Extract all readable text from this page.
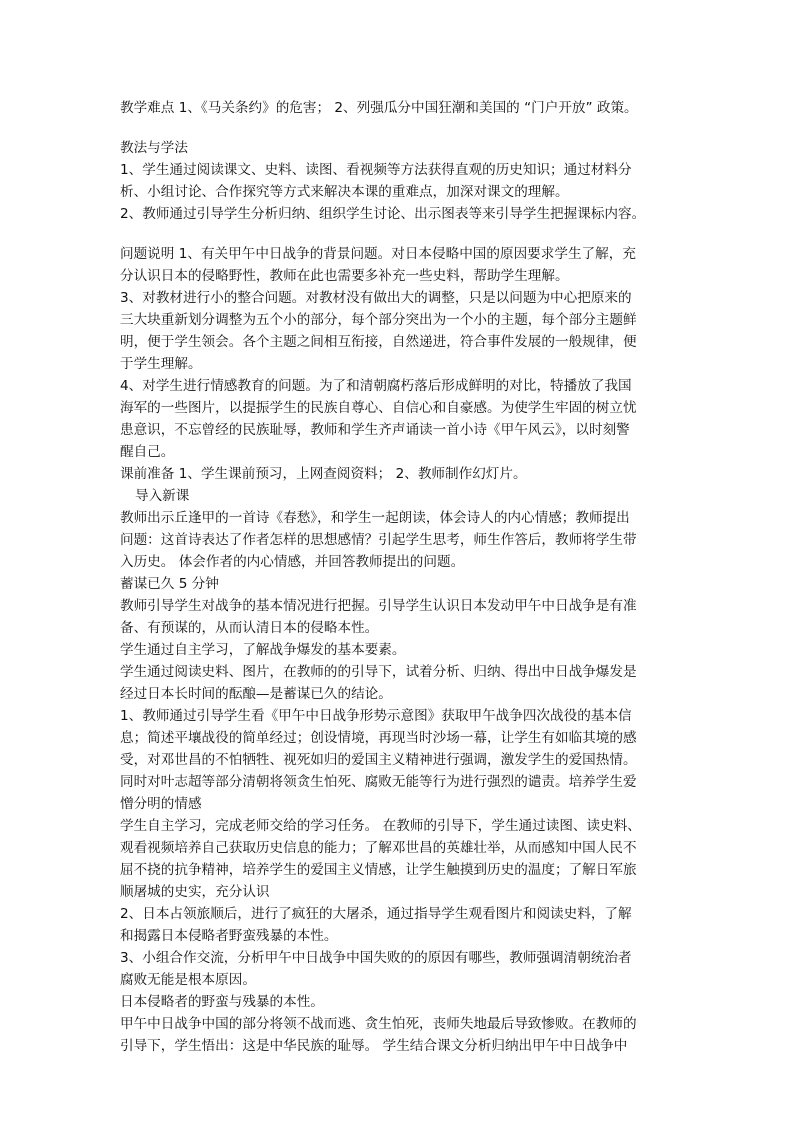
教学难点 1、《马关条约》的危害； 2、列强瓜分中国狂潮和美国的 “门户开放” 政策。
教法与学法
1、学生通过阅读课文、史料、读图、看视频等方法获得直观的历史知识；通过材料分
析、小组讨论、合作探究等方式来解决本课的重难点，加深对课文的理解。
2、教师通过引导学生分析归纳、组织学生讨论、出示图表等来引导学生把握课标内容。
问题说明 1、有关甲午中日战争的背景问题。对日本侵略中国的原因要求学生了解，充
分认识日本的侵略野性，教师在此也需要多补充一些史料，帮助学生理解。
3、对教材进行小的整合问题。对教材没有做出大的调整，只是以问题为中心把原来的
三大块重新划分调整为五个小的部分，每个部分突出为一个小的主题，每个部分主题鲜
明，便于学生领会。各个主题之间相互衔接，自然递进，符合事件发展的一般规律，便
于学生理解。
4、对学生进行情感教育的问题。为了和清朝腐朽落后形成鲜明的对比，特播放了我国
海军的一些图片，以提振学生的民族自尊心、自信心和自豪感。为使学生牢固的树立忧
患意识，不忘曾经的民族耻辱，教师和学生齐声诵读一首小诗《甲午风云》，以时刻警
醒自己。
课前准备 1、学生课前预习，上网查阅资料； 2、教师制作幻灯片。
导入新课
教师出示丘逢甲的一首诗《春愁》，和学生一起朗读，体会诗人的内心情感；教师提出
问题：这首诗表达了作者怎样的思想感情？引起学生思考，师生作答后，教师将学生带
入历史。 体会作者的内心情感，并回答教师提出的问题。
蓄谋已久 5 分钟
教师引导学生对战争的基本情况进行把握。引导学生认识日本发动甲午中日战争是有准
备、有预谋的，从而认清日本的侵略本性。
学生通过自主学习，了解战争爆发的基本要素。
学生通过阅读史料、图片，在教师的的引导下，试着分析、归纳、得出中日战争爆发是
经过日本长时间的酝酿—是蓄谋已久的结论。
1、教师通过引导学生看《甲午中日战争形势示意图》获取甲午战争四次战役的基本信
息；简述平壤战役的简单经过；创设情境，再现当时沙场一幕，让学生有如临其境的感
受，对邓世昌的不怕牺牲、视死如归的爱国主义精神进行强调，激发学生的爱国热情。
同时对叶志超等部分清朝将领贪生怕死、腐败无能等行为进行强烈的谴责。培养学生爱
憎分明的情感
学生自主学习，完成老师交给的学习任务。 在教师的引导下，学生通过读图、读史料、
观看视频培养自己获取历史信息的能力；了解邓世昌的英雄壮举，从而感知中国人民不
屈不挠的抗争精神，培养学生的爱国主义情感，让学生触摸到历史的温度；了解日军旅
顺屠城的史实，充分认识
2、日本占领旅顺后，进行了疯狂的大屠杀，通过指导学生观看图片和阅读史料，了解
和揭露日本侵略者野蛮残暴的本性。
3、小组合作交流，分析甲午中日战争中国失败的的原因有哪些，教师强调清朝统治者
腐败无能是根本原因。
日本侵略者的野蛮与残暴的本性。
甲午中日战争中国的部分将领不战而逃、贪生怕死，丧师失地最后导致惨败。在教师的
引导下，学生悟出：这是中华民族的耻辱。 学生结合课文分析归纳出甲午中日战争中
